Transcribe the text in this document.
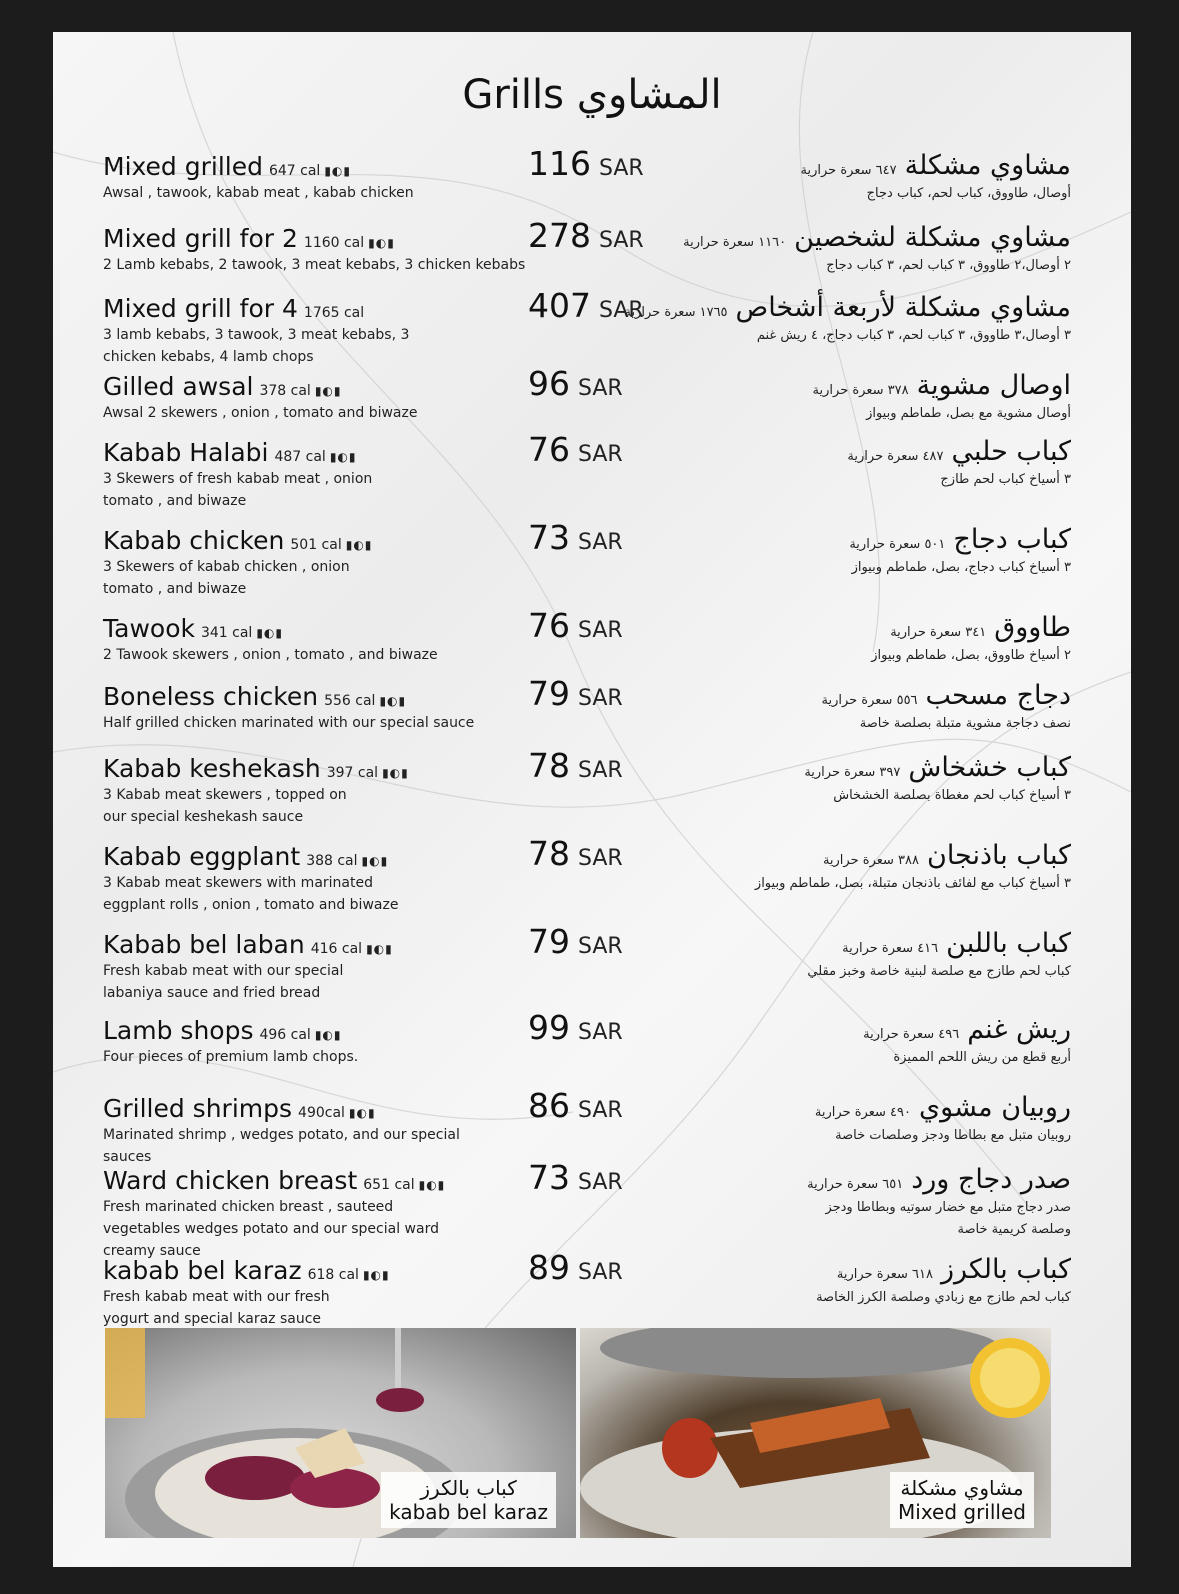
Grills المشاوي
Mixed grilled 647 cal ▮◐▮
Awsal , tawook, kabab meat , kabab chicken
116 SAR	مشاوي مشكلة٦٤٧ سعرة حرارية
أوصال، طاووق، كباب لحم، كباب دجاج
Mixed grill for 2 1160 cal ▮◐▮
2 Lamb kebabs, 2 tawook, 3 meat kebabs, 3 chicken kebabs
278 SAR	مشاوي مشكلة لشخصين١١٦٠ سعرة حرارية
٢ أوصال،٢ طاووق، ٣ كباب لحم، ٣ كباب دجاج
Mixed grill for 4 1765 cal
3 lamb kebabs, 3 tawook, 3 meat kebabs, 3 chicken kebabs, 4 lamb chops
407 SAR	مشاوي مشكلة لأربعة أشخاص١٧٦٥ سعرة حرارية
٣ أوصال،٣ طاووق، ٣ كباب لحم، ٣ كباب دجاج، ٤ ريش غنم
Gilled awsal 378 cal ▮◐▮
Awsal 2 skewers , onion , tomato and biwaze
96 SAR	اوصال مشوية٣٧٨ سعرة حرارية
أوصال مشوية مع بصل، طماطم وبيواز
Kabab Halabi 487 cal ▮◐▮
3 Skewers of fresh kabab meat , onion tomato , and biwaze
76 SAR	كباب حلبي٤٨٧ سعرة حرارية
٣ أسياخ كباب لحم طازج
Kabab chicken 501 cal ▮◐▮
3 Skewers of kabab chicken , onion tomato , and biwaze
73 SAR	كباب دجاج٥٠١ سعرة حرارية
٣ أسياخ كباب دجاج، بصل، طماطم وبيواز
Tawook 341 cal ▮◐▮
2 Tawook skewers , onion , tomato , and biwaze
76 SAR	طاووق٣٤١ سعرة حرارية
٢ أسياخ طاووق، بصل، طماطم وبيواز
Boneless chicken 556 cal ▮◐▮
Half grilled chicken marinated with our special sauce
79 SAR	دجاج مسحب٥٥٦ سعرة حرارية
نصف دجاجة مشوية متبلة بصلصة خاصة
Kabab keshekash 397 cal ▮◐▮
3 Kabab meat skewers , topped on our special keshekash sauce
78 SAR	كباب خشخاش٣٩٧ سعرة حرارية
٣ أسياخ كباب لحم مغطاة بصلصة الخشخاش
Kabab eggplant 388 cal ▮◐▮
3 Kabab meat skewers with marinated eggplant rolls , onion , tomato and biwaze
78 SAR	كباب باذنجان٣٨٨ سعرة حرارية
٣ أسياخ كباب مع لفائف باذنجان متبلة، بصل، طماطم وبيواز
Kabab bel laban 416 cal ▮◐▮
Fresh kabab meat with our special labaniya sauce and fried bread
79 SAR	كباب باللبن٤١٦ سعرة حرارية
كباب لحم طازج مع صلصة لبنية خاصة وخبز مقلي
Lamb shops 496 cal ▮◐▮
Four pieces of premium lamb chops.
99 SAR	ريش غنم٤٩٦ سعرة حرارية
أربع قطع من ريش اللحم المميزة
Grilled shrimps 490cal ▮◐▮
Marinated shrimp , wedges potato, and our special sauces
86 SAR	روبيان مشوي٤٩٠ سعرة حرارية
روبيان متبل مع بطاطا ودجز وصلصات خاصة
Ward chicken breast 651 cal ▮◐▮
Fresh marinated chicken breast , sauteed vegetables wedges potato and our special ward creamy sauce
73 SAR	صدر دجاج ورد٦٥١ سعرة حرارية
صدر دجاج متبل مع خضار سوتيه وبطاطا ودجز وصلصة كريمية خاصة
kabab bel karaz 618 cal ▮◐▮
Fresh kabab meat with our fresh yogurt and special karaz sauce
89 SAR	كباب بالكرز٦١٨ سعرة حرارية
كباب لحم طازج مع زبادي وصلصة الكرز الخاصة
كباب بالكرز
kabab bel karaz
مشاوي مشكلة
Mixed grilled
